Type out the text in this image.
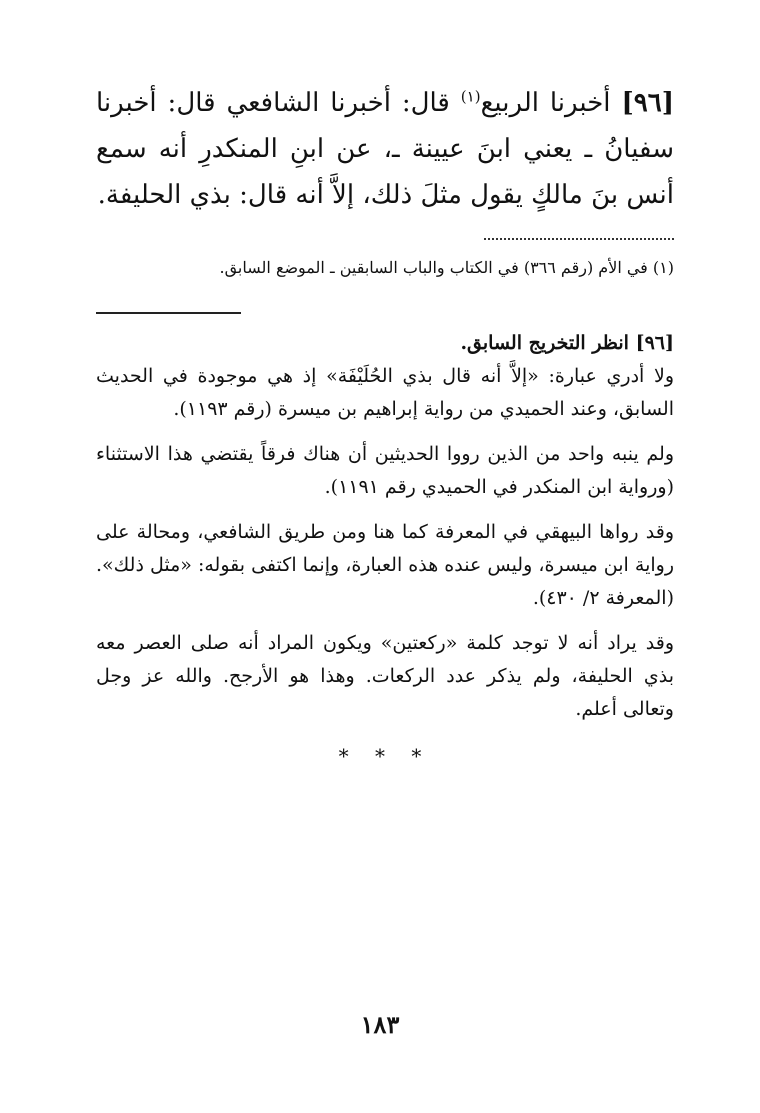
[٩٦] أخبرنا الربيع$^{(١)}$ قال: أخبرنا الشافعي قال: أخبرنا سفيانُ ـ يعني ابنَ عيينة ـ، عن ابنِ المنكدرِ أنه سمع أنس بنَ مالكٍ يقول مثلَ ذلك، إلاَّ أنه قال: بذي الحليفة.

(١) في الأم (رقم ٣٦٦) في الكتاب والباب السابقين ـ الموضع السابق.

[٩٦] انظر التخريج السابق.

ولا أدري عبارة: «إلاَّ أنه قال بذي الحُلَيْفَة» إذ هي موجودة في الحديث السابق، وعند الحميدي من رواية إبراهيم بن ميسرة (رقم ١١٩٣).

ولم ينبه واحد من الذين رووا الحديثين أن هناك فرقاً يقتضي هذا الاستثناء (ورواية ابن المنكدر في الحميدي رقم ١١٩١).

وقد رواها البيهقي في المعرفة كما هنا ومن طريق الشافعي، ومحالة على رواية ابن ميسرة، وليس عنده هذه العبارة، وإنما اكتفى بقوله: «مثل ذلك». (المعرفة ٢/ ٤٣٠).

وقد يراد أنه لا توجد كلمة «ركعتين» ويكون المراد أنه صلى العصر معه بذي الحليفة، ولم يذكر عدد الركعات. وهذا هو الأرجح. والله عز وجل وتعالى أعلم.

* * *
١٨٣
